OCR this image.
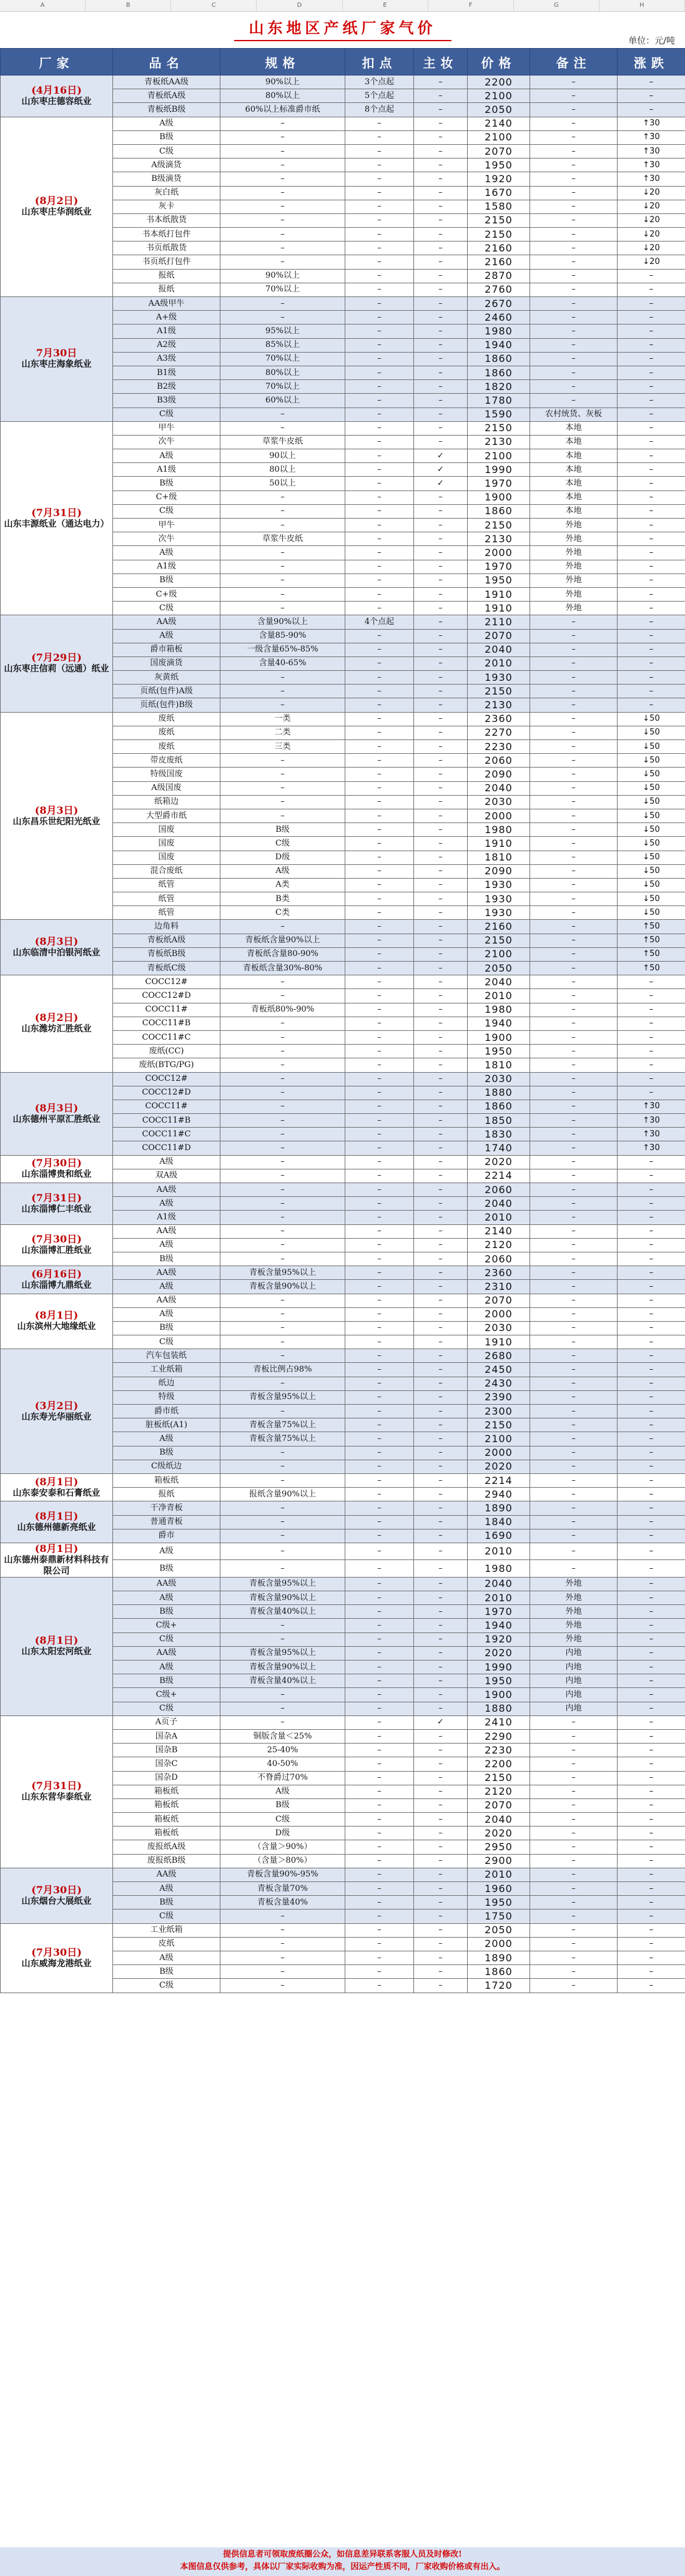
A	B	C	D	E	F	G	H
山东地区产纸厂家气价
单位：元/吨
厂家	品名	规格	扣点	主妆	价格	备注	涨跌

(4月16日)
山东枣庄德容纸业	青板纸AA级	90%以上	3个点起	–	2200	–	–
	青板纸A级	80%以上	5个点起	–	2100	–	–
	青板纸B级	60%以上标准爵市纸	8个点起	–	2050	–	–

(8月2日)
山东枣庄华润纸业	A级	–	–	–	2140	–	↑30
	B级	–	–	–	2100	–	↑30
	C级	–	–	–	2070	–	↑30
	A级滴货	–	–	–	1950	–	↑30
	B级滴货	–	–	–	1920	–	↑30
	灰白纸	–	–	–	1670	–	↓20
	灰卡	–	–	–	1580	–	↓20
	书本纸散货	–	–	–	2150	–	↓20
	书本纸打包件	–	–	–	2150	–	↓20
	书页纸散货	–	–	–	2160	–	↓20
	书页纸打包件	–	–	–	2160	–	↓20
	报纸	90%以上	–	–	2870	–	–
	报纸	70%以上	–	–	2760	–	–

7月30日
山东枣庄海象纸业	AA级甲牛	–	–	–	2670	–	–
	A+级	–	–	–	2460	–	–
	A1级	95%以上	–	–	1980	–	–
	A2级	85%以上	–	–	1940	–	–
	A3级	70%以上	–	–	1860	–	–
	B1级	80%以上	–	–	1860	–	–
	B2级	70%以上	–	–	1820	–	–
	B3级	60%以上	–	–	1780	–	–
	C级	–	–	–	1590	农村统货、灰板	–

(7月31日)
山东丰源纸业（通达电力）	甲牛	–	–	–	2150	本地	–
	次牛	草浆牛皮纸	–	–	2130	本地	–
	A级	90以上	–	✓	2100	本地	–
	A1级	80以上	–	✓	1990	本地	–
	B级	50以上	–	✓	1970	本地	–
	C+级	–	–	–	1900	本地	–
	C级	–	–	–	1860	本地	–
	甲牛	–	–	–	2150	外地	–
	次牛	草浆牛皮纸	–	–	2130	外地	–
	A级	–	–	–	2000	外地	–
	A1级	–	–	–	1970	外地	–
	B级	–	–	–	1950	外地	–
	C+级	–	–	–	1910	外地	–
	C级	–	–	–	1910	外地	–

(7月29日)
山东枣庄信莉（远通）纸业	AA级	含量90%以上	4个点起	–	2110	–	–
	A级	含量85-90%	–	–	2070	–	–
	爵市箱板	一级含量65%-85%	–	–	2040	–	–
	国废滴货	含量40-65%	–	–	2010	–	–
	灰黄纸	–	–	–	1930	–	–
	页纸(包件)A级	–	–	–	2150	–	–
	页纸(包件)B级	–	–	–	2130	–	–

(8月3日)
山东昌乐世纪阳光纸业	废纸	一类	–	–	2360	–	↓50
	废纸	二类	–	–	2270	–	↓50
	废纸	三类	–	–	2230	–	↓50
	带皮废纸	–	–	–	2060	–	↓50
	特级国废	–	–	–	2090	–	↓50
	A级国废	–	–	–	2040	–	↓50
	纸箱边	–	–	–	2030	–	↓50
	大型爵市纸	–	–	–	2000	–	↓50
	国废	B级	–	–	1980	–	↓50
	国废	C级	–	–	1910	–	↓50
	国废	D级	–	–	1810	–	↓50
	混合废纸	A级	–	–	2090	–	↓50
	纸管	A类	–	–	1930	–	↓50
	纸管	B类	–	–	1930	–	↓50
	纸管	C类	–	–	1930	–	↓50

(8月3日)
山东临清中泊银河纸业	边角料	–	–	–	2160	–	↑50
	青板纸A级	青板纸含量90%以上	–	–	2150	–	↑50
	青板纸B级	青板纸含量80-90%	–	–	2100	–	↑50
	青板纸C级	青板纸含量30%-80%	–	–	2050	–	↑50

(8月2日)
山东潍坊汇胜纸业	COCC12#	–	–	–	2040	–	–
	COCC12#D	–	–	–	2010	–	–
	COCC11#	青板纸80%-90%	–	–	1980	–	–
	COCC11#B	–	–	–	1940	–	–
	COCC11#C	–	–	–	1900	–	–
	废纸(CC)	–	–	–	1950	–	–
	废纸(BTG/PG)	–	–	–	1810	–	–

(8月3日)
山东德州平原汇胜纸业	COCC12#	–	–	–	2030	–	–
	COCC12#D	–	–	–	1880	–	–
	COCC11#	–	–	–	1860	–	↑30
	COCC11#B	–	–	–	1850	–	↑30
	COCC11#C	–	–	–	1830	–	↑30
	COCC11#D	–	–	–	1740	–	↑30

(7月30日)
山东淄博贵和纸业	A级	–	–	–	2020	–	–
	双A级	–	–	–	2214	–	–

(7月31日)
山东淄博仁丰纸业	AA级	–	–	–	2060	–	–
	A级	–	–	–	2040	–	–
	A1级	–	–	–	2010	–	–

(7月30日)
山东淄博汇胜纸业	AA级	–	–	–	2140	–	–
	A级	–	–	–	2120	–	–
	B级	–	–	–	2060	–	–

(6月16日)
山东淄博九鼎纸业	AA级	青板含量95%以上	–	–	2360	–	–
	A级	青板含量90%以上	–	–	2310	–	–

(8月1日)
山东滨州大地缘纸业	AA级	–	–	–	2070	–	–
	A级	–	–	–	2000	–	–
	B级	–	–	–	2030	–	–
	C级	–	–	–	1910	–	–

(3月2日)
山东寿光华丽纸业	汽车包装纸	–	–	–	2680	–	–
	工业纸箱	青板比例占98%	–	–	2450	–	–
	纸边	–	–	–	2430	–	–
	特级	青板含量95%以上	–	–	2390	–	–
	爵市纸	–	–	–	2300	–	–
	脏板纸(A1)	青板含量75%以上	–	–	2150	–	–
	A级	青板含量75%以上	–	–	2100	–	–
	B级	–	–	–	2000	–	–
	C级纸边	–	–	–	2020	–	–

(8月1日)
山东泰安泰和石膏纸业	箱板纸	–	–	–	2214	–	–
	报纸	报纸含量90%以上	–	–	2940	–	–

(8月1日)
山东德州德新亮纸业	干净青板	–	–	–	1890	–	–
	普通青板	–	–	–	1840	–	–
	爵市	–	–	–	1690	–	–

(8月1日)
山东德州泰鼎新材料科技有限公司	A级	–	–	–	2010	–	–
	B级	–	–	–	1980	–	–

(8月1日)
山东太阳宏河纸业	AA级	青板含量95%以上	–	–	2040	外地	–
	A级	青板含量90%以上	–	–	2010	外地	–
	B级	青板含量40%以上	–	–	1970	外地	–
	C级+	–	–	–	1940	外地	–
	C级	–	–	–	1920	外地	–
	AA级	青板含量95%以上	–	–	2020	内地	–
	A级	青板含量90%以上	–	–	1990	内地	–
	B级	青板含量40%以上	–	–	1950	内地	–
	C级+	–	–	–	1900	内地	–
	C级	–	–	–	1880	内地	–

(7月31日)
山东东营华泰纸业	A页子	–	–	✓	2410	–	–
	国杂A	铜版含量＜25%	–	–	2290	–	–
	国杂B	25-40%	–	–	2230	–	–
	国杂C	40-50%	–	–	2200	–	–
	国杂D	不脊爵过70%	–	–	2150	–	–
	箱板纸	A级	–	–	2120	–	–
	箱板纸	B级	–	–	2070	–	–
	箱板纸	C级	–	–	2040	–	–
	箱板纸	D级	–	–	2020	–	–
	废报纸A级	（含量＞90%）	–	–	2950	–	–
	废报纸B级	（含量＞80%）	–	–	2900	–	–

(7月30日)
山东烟台大展纸业	AA级	青板含量90%-95%	–	–	2010	–	–
	A级	青板含量70%	–	–	1960	–	–
	B级	青板含量40%	–	–	1950	–	–
	C级	–	–	–	1750	–	–

(7月30日)
山东威海龙港纸业	工业纸箱	–	–	–	2050	–	–
	皮纸	–	–	–	2000	–	–
	A级	–	–	–	1890	–	–
	B级	–	–	–	1860	–	–
	C级	–	–	–	1720	–	–
提供信息者可领取废纸圈公众，如信息差异联系客服人员及时修改!
本图信息仅供参考，具体以厂家实际收购为准，因运产性质不同，厂家收购价格或有出入。
